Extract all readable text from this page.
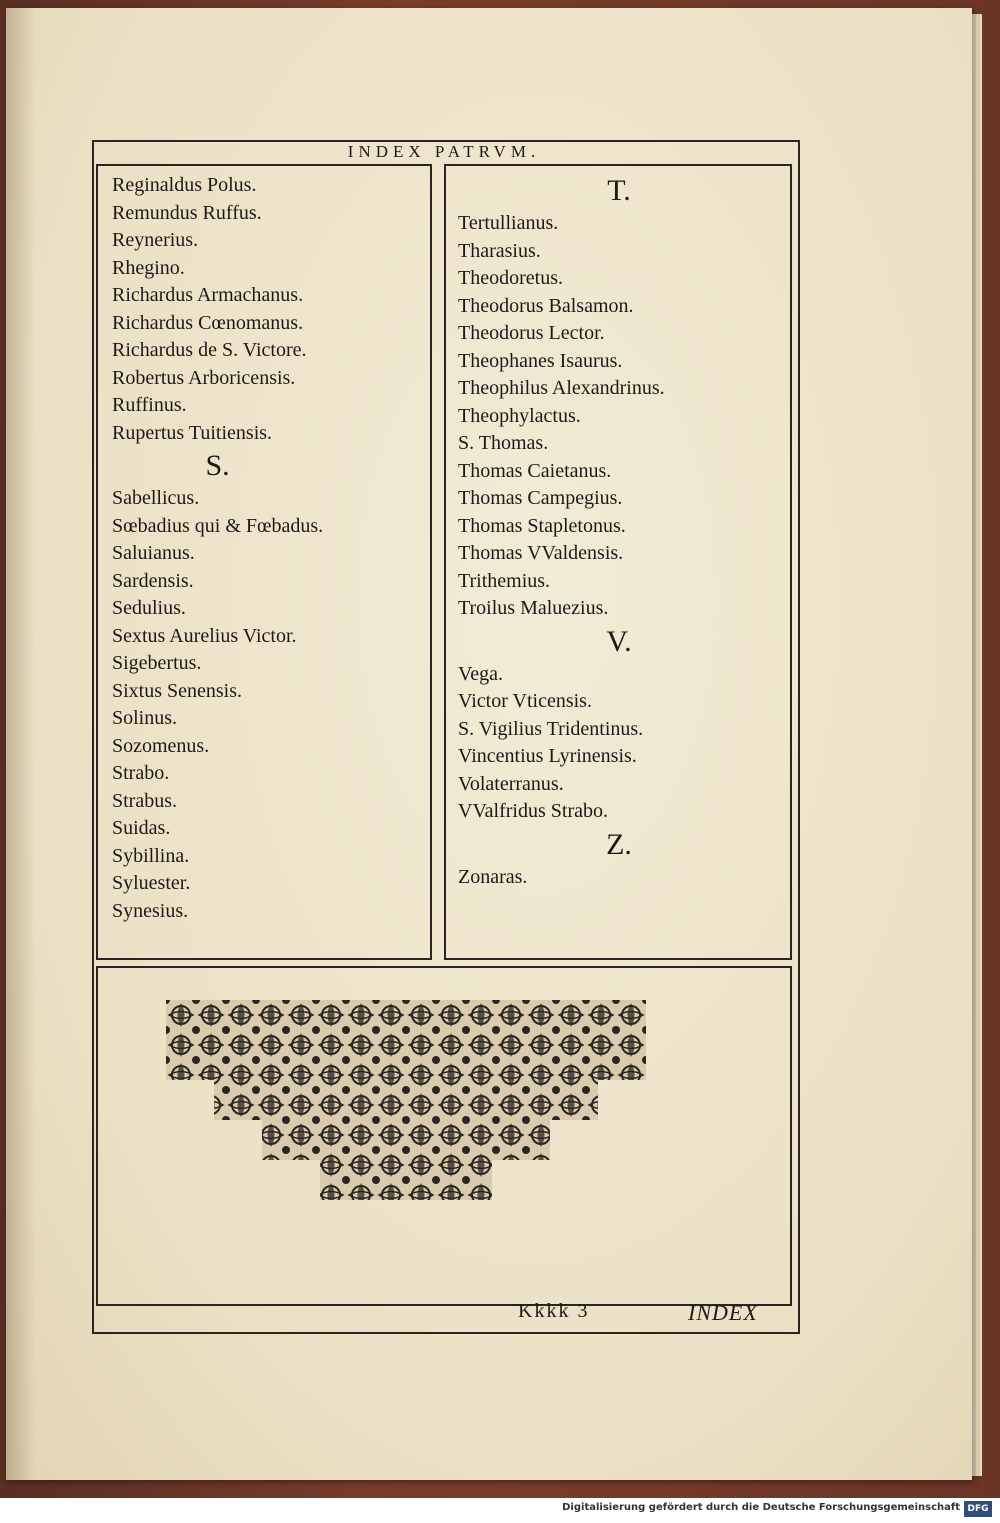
INDEX PATRVM.
Reginaldus Polus.
Remundus Ruffus.
Reynerius.
Rhegino.
Richardus Armachanus.
Richardus Cœnomanus.
Richardus de S. Victore.
Robertus Arboricensis.
Ruffinus.
Rupertus Tuitiensis.
S.
Sabellicus.
Sœbadius qui & Fœbadus.
Saluianus.
Sardensis.
Sedulius.
Sextus Aurelius Victor.
Sigebertus.
Sixtus Senensis.
Solinus.
Sozomenus.
Strabo.
Strabus.
Suidas.
Sybillina.
Syluester.
Synesius.
T.
Tertullianus.
Tharasius.
Theodoretus.
Theodorus Balsamon.
Theodorus Lector.
Theophanes Isaurus.
Theophilus Alexandrinus.
Theophylactus.
S. Thomas.
Thomas Caietanus.
Thomas Campegius.
Thomas Stapletonus.
Thomas VValdensis.
Trithemius.
Troilus Maluezius.
V.
Vega.
Victor Vticensis.
S. Vigilius Tridentinus.
Vincentius Lyrinensis.
Volaterranus.
VValfridus Strabo.
Z.
Zonaras.
Kkkk 3	INDEX
Digitalisierung gefördert durch die Deutsche Forschungsgemeinschaft DFG
